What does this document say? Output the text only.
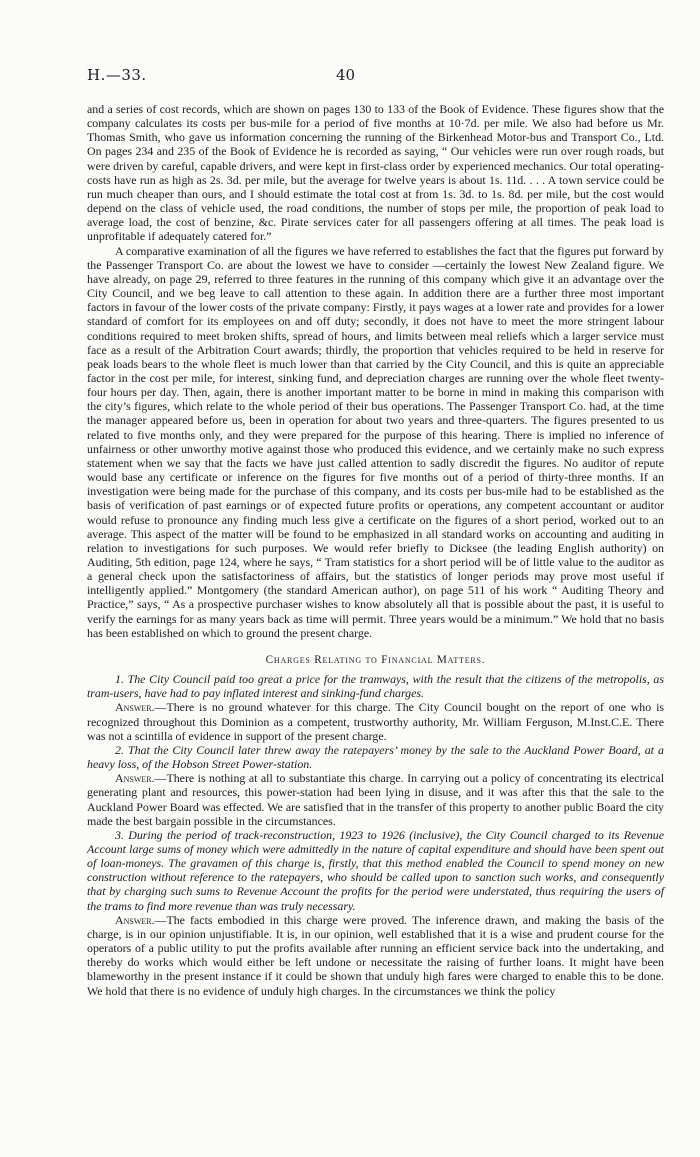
H.—33.	40

and a series of cost records, which are shown on pages 130 to 133 of the Book of Evidence. These figures show that the company calculates its costs per bus-mile for a period of five months at 10·7d. per mile. We also had before us Mr. Thomas Smith, who gave us information concerning the running of the Birkenhead Motor-bus and Transport Co., Ltd. On pages 234 and 235 of the Book of Evidence he is recorded as saying, “ Our vehicles were run over rough roads, but were driven by careful, capable drivers, and were kept in first-class order by experienced mechanics. Our total operating-costs have run as high as 2s. 3d. per mile, but the average for twelve years is about 1s. 11d. . . . A town service could be run much cheaper than ours, and I should estimate the total cost at from 1s. 3d. to 1s. 8d. per mile, but the cost would depend on the class of vehicle used, the road conditions, the number of stops per mile, the proportion of peak load to average load, the cost of benzine, &c. Pirate services cater for all passengers offering at all times. The peak load is unprofitable if adequately catered for.”

A comparative examination of all the figures we have referred to establishes the fact that the figures put forward by the Passenger Transport Co. are about the lowest we have to consider —certainly the lowest New Zealand figure. We have already, on page 29, referred to three features in the running of this company which give it an advantage over the City Council, and we beg leave to call attention to these again. In addition there are a further three most important factors in favour of the lower costs of the private company: Firstly, it pays wages at a lower rate and provides for a lower standard of comfort for its employees on and off duty; secondly, it does not have to meet the more stringent labour conditions required to meet broken shifts, spread of hours, and limits between meal reliefs which a larger service must face as a result of the Arbitration Court awards; thirdly, the proportion that vehicles required to be held in reserve for peak loads bears to the whole fleet is much lower than that carried by the City Council, and this is quite an appreciable factor in the cost per mile, for interest, sinking fund, and depreciation charges are running over the whole fleet twenty-four hours per day. Then, again, there is another important matter to be borne in mind in making this comparison with the city’s figures, which relate to the whole period of their bus operations. The Passenger Transport Co. had, at the time the manager appeared before us, been in operation for about two years and three-quarters. The figures presented to us related to five months only, and they were prepared for the purpose of this hearing. There is implied no inference of unfairness or other unworthy motive against those who produced this evidence, and we certainly make no such express statement when we say that the facts we have just called attention to sadly discredit the figures. No auditor of repute would base any certificate or inference on the figures for five months out of a period of thirty-three months. If an investigation were being made for the purchase of this company, and its costs per bus-mile had to be established as the basis of verification of past earnings or of expected future profits or operations, any competent accountant or auditor would refuse to pronounce any finding much less give a certificate on the figures of a short period, worked out to an average. This aspect of the matter will be found to be emphasized in all standard works on accounting and auditing in relation to investigations for such purposes. We would refer briefly to Dicksee (the leading English authority) on Auditing, 5th edition, page 124, where he says, “ Tram statistics for a short period will be of little value to the auditor as a general check upon the satisfactoriness of affairs, but the statistics of longer periods may prove most useful if intelligently applied.” Montgomery (the standard American author), on page 511 of his work “ Auditing Theory and Practice,” says, “ As a prospective purchaser wishes to know absolutely all that is possible about the past, it is useful to verify the earnings for as many years back as time will permit. Three years would be a minimum.” We hold that no basis has been established on which to ground the present charge.

Charges Relating to Financial Matters.

1. The City Council paid too great a price for the tramways, with the result that the citizens of the metropolis, as tram-users, have had to pay inflated interest and sinking-fund charges.

Answer.—There is no ground whatever for this charge. The City Council bought on the report of one who is recognized throughout this Dominion as a competent, trustworthy authority, Mr. William Ferguson, M.Inst.C.E. There was not a scintilla of evidence in support of the present charge.

2. That the City Council later threw away the ratepayers’ money by the sale to the Auckland Power Board, at a heavy loss, of the Hobson Street Power-station.

Answer.—There is nothing at all to substantiate this charge. In carrying out a policy of concentrating its electrical generating plant and resources, this power-station had been lying in disuse, and it was after this that the sale to the Auckland Power Board was effected. We are satisfied that in the transfer of this property to another public Board the city made the best bargain possible in the circumstances.

3. During the period of track-reconstruction, 1923 to 1926 (inclusive), the City Council charged to its Revenue Account large sums of money which were admittedly in the nature of capital expenditure and should have been spent out of loan-moneys. The gravamen of this charge is, firstly, that this method enabled the Council to spend money on new construction without reference to the ratepayers, who should be called upon to sanction such works, and consequently that by charging such sums to Revenue Account the profits for the period were understated, thus requiring the users of the trams to find more revenue than was truly necessary.

Answer.—The facts embodied in this charge were proved. The inference drawn, and making the basis of the charge, is in our opinion unjustifiable. It is, in our opinion, well established that it is a wise and prudent course for the operators of a public utility to put the profits available after running an efficient service back into the undertaking, and thereby do works which would either be left undone or necessitate the raising of further loans. It might have been blameworthy in the present instance if it could be shown that unduly high fares were charged to enable this to be done. We hold that there is no evidence of unduly high charges. In the circumstances we think the policy
